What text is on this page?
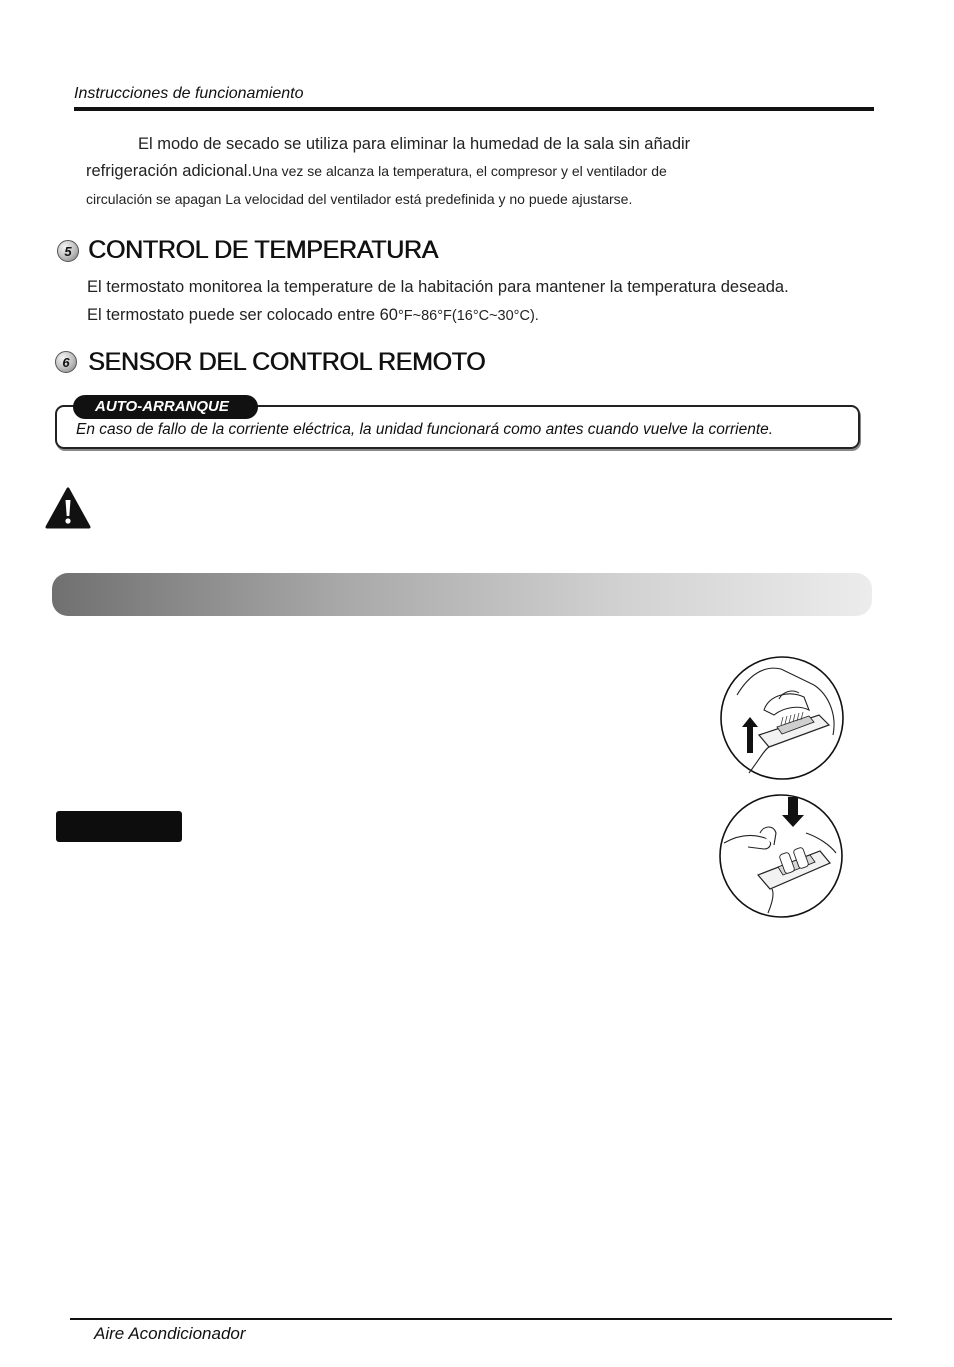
Instrucciones de funcionamiento
El modo de secado se utiliza para eliminar la humedad de la sala sin añadir
refrigeración adicional.Una vez se alcanza la temperatura, el compresor y el ventilador de
circulación se apagan La velocidad del ventilador está predefinida y no puede ajustarse.
5 CONTROL DE TEMPERATURA
El termostato monitorea la temperature de la habitación para mantener la temperatura deseada.
El termostato puede ser colocado entre 60°F~86°F(16°C~30°C).
6 SENSOR DEL CONTROL REMOTO
AUTO-ARRANQUE
En caso de fallo de la corriente eléctrica, la unidad funcionará como antes cuando vuelve la corriente.
Aire Acondicionador
